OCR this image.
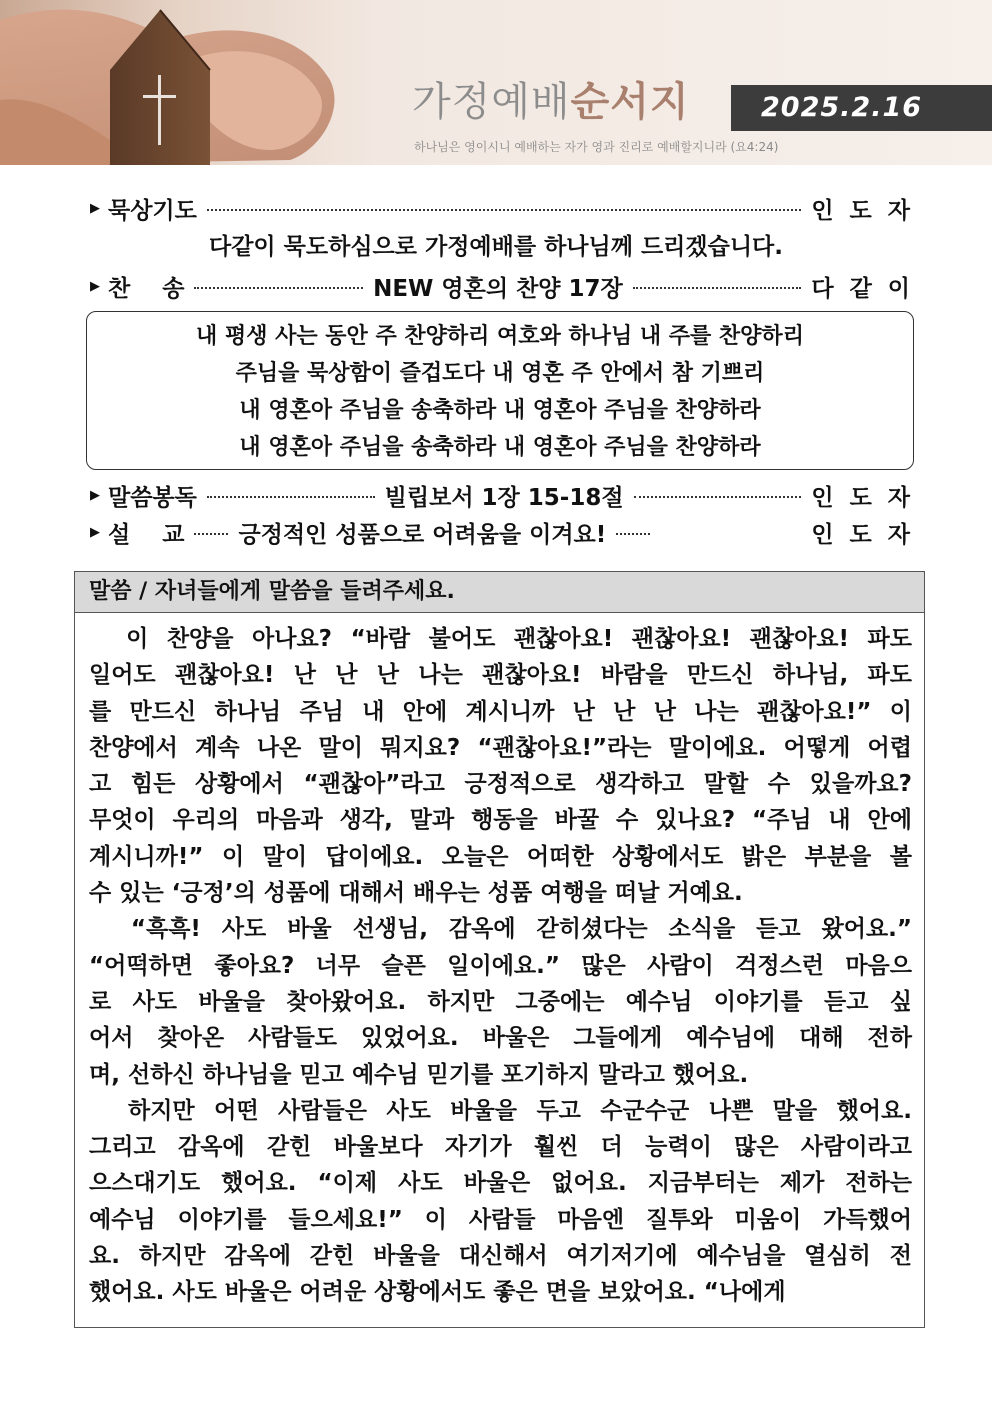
가정예배순서지
하나님은 영이시니 예배하는 자가 영과 진리로 예배할지니라 (요4:24)
2025.2.16
▶ 묵상기도	인도자
다같이 묵도하심으로 가정예배를 하나님께 드리겠습니다.
▶ 찬    송	NEW 영혼의 찬양 17장	다같이
내 평생 사는 동안 주 찬양하리 여호와 하나님 내 주를 찬양하리
주님을 묵상함이 즐겁도다 내 영혼 주 안에서 참 기쁘리
내 영혼아 주님을 송축하라 내 영혼아 주님을 찬양하라
내 영혼아 주님을 송축하라 내 영혼아 주님을 찬양하라
▶ 말씀봉독	빌립보서 1장 15-18절	인도자
▶ 설    교 긍정적인 성품으로 어려움을 이겨요!	인도자
말씀 / 자녀들에게 말씀을 들려주세요.

이 찬양을 아나요? “바람 불어도 괜찮아요! 괜찮아요! 괜찮아요! 파도

일어도 괜찮아요! 난 난 난 나는 괜찮아요! 바람을 만드신 하나님, 파도

를 만드신 하나님 주님 내 안에 계시니까 난 난 난 나는 괜찮아요!” 이

찬양에서 계속 나온 말이 뭐지요? “괜찮아요!”라는 말이에요. 어떻게 어렵

고 힘든 상황에서 “괜찮아”라고 긍정적으로 생각하고 말할 수 있을까요?

무엇이 우리의 마음과 생각, 말과 행동을 바꿀 수 있나요? “주님 내 안에

계시니까!” 이 말이 답이에요. 오늘은 어떠한 상황에서도 밝은 부분을 볼

수 있는 ‘긍정’의 성품에 대해서 배우는 성품 여행을 떠날 거예요.

“흑흑! 사도 바울 선생님, 감옥에 갇히셨다는 소식을 듣고 왔어요.”

“어떡하면 좋아요? 너무 슬픈 일이에요.” 많은 사람이 걱정스런 마음으

로 사도 바울을 찾아왔어요. 하지만 그중에는 예수님 이야기를 듣고 싶

어서 찾아온 사람들도 있었어요. 바울은 그들에게 예수님에 대해 전하

며, 선하신 하나님을 믿고 예수님 믿기를 포기하지 말라고 했어요.

하지만 어떤 사람들은 사도 바울을 두고 수군수군 나쁜 말을 했어요.

그리고 감옥에 갇힌 바울보다 자기가 훨씬 더 능력이 많은 사람이라고

으스대기도 했어요. “이제 사도 바울은 없어요. 지금부터는 제가 전하는

예수님 이야기를 들으세요!” 이 사람들 마음엔 질투와 미움이 가득했어

요. 하지만 감옥에 갇힌 바울을 대신해서 여기저기에 예수님을 열심히 전

했어요. 사도 바울은 어려운 상황에서도 좋은 면을 보았어요. “나에게
